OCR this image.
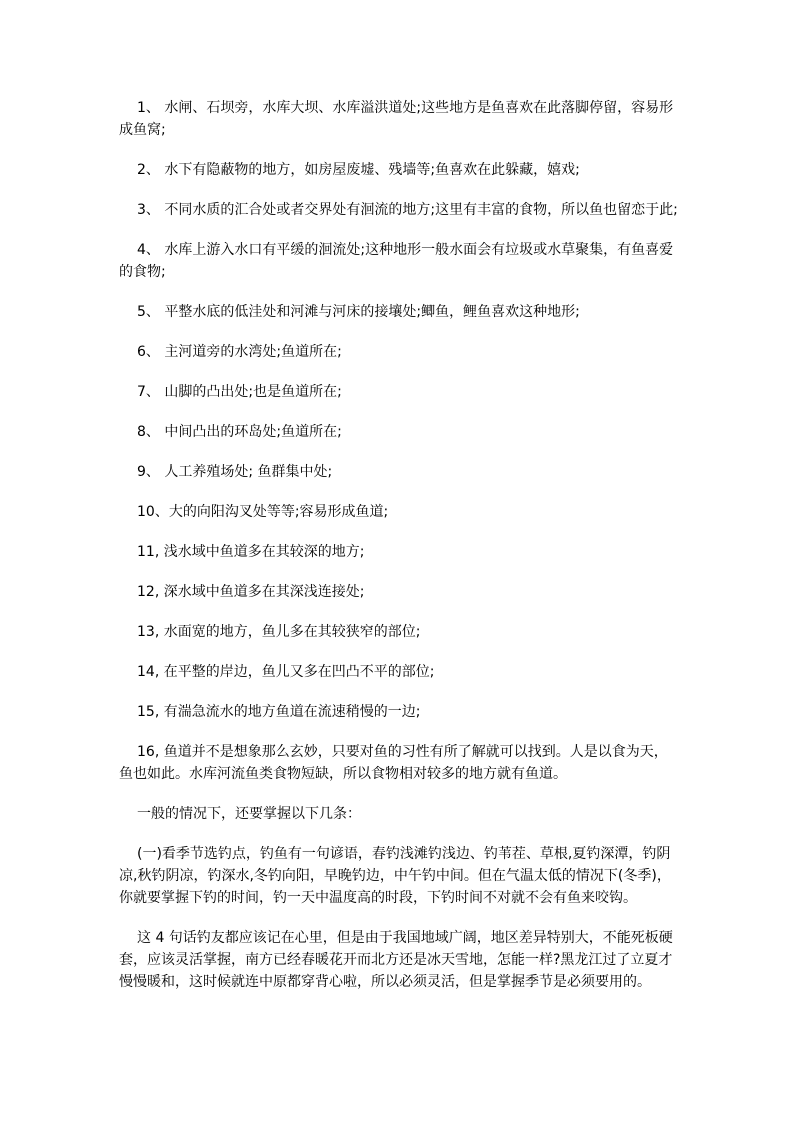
1、 水闸、石坝旁，水库大坝、水库溢洪道处;这些地方是鱼喜欢在此落脚停留，容易形成鱼窝;

2、 水下有隐蔽物的地方，如房屋废墟、残墙等;鱼喜欢在此躲藏，嬉戏;

3、 不同水质的汇合处或者交界处有洄流的地方;这里有丰富的食物，所以鱼也留恋于此;

4、 水库上游入水口有平缓的洄流处;这种地形一般水面会有垃圾或水草聚集，有鱼喜爱的食物;

5、 平整水底的低洼处和河滩与河床的接壤处;鲫鱼，鲤鱼喜欢这种地形;

6、 主河道旁的水湾处;鱼道所在;

7、 山脚的凸出处;也是鱼道所在;

8、 中间凸出的环岛处;鱼道所在;

9、 人工养殖场处; 鱼群集中处;

10、大的向阳沟叉处等等;容易形成鱼道;

11, 浅水域中鱼道多在其较深的地方;

12, 深水域中鱼道多在其深浅连接处;

13, 水面宽的地方，鱼儿多在其较狭窄的部位;

14, 在平整的岸边，鱼儿又多在凹凸不平的部位;

15, 有湍急流水的地方鱼道在流速稍慢的一边;

16, 鱼道并不是想象那么玄妙，只要对鱼的习性有所了解就可以找到。人是以食为天，鱼也如此。水库河流鱼类食物短缺，所以食物相对较多的地方就有鱼道。

一般的情况下，还要掌握以下几条：

(一)看季节选钓点，钓鱼有一句谚语，春钓浅滩钓浅边、钓苇茬、草根,夏钓深潭，钓阴凉,秋钓阴凉，钓深水,冬钓向阳，早晚钓边，中午钓中间。但在气温太低的情况下(冬季)，你就要掌握下钓的时间，钓一天中温度高的时段，下钓时间不对就不会有鱼来咬钩。

这 4 句话钓友都应该记在心里，但是由于我国地域广阔，地区差异特别大，不能死板硬套，应该灵活掌握，南方已经春暖花开而北方还是冰天雪地，怎能一样?黑龙江过了立夏才慢慢暖和，这时候就连中原都穿背心啦，所以必须灵活，但是掌握季节是必须要用的。
